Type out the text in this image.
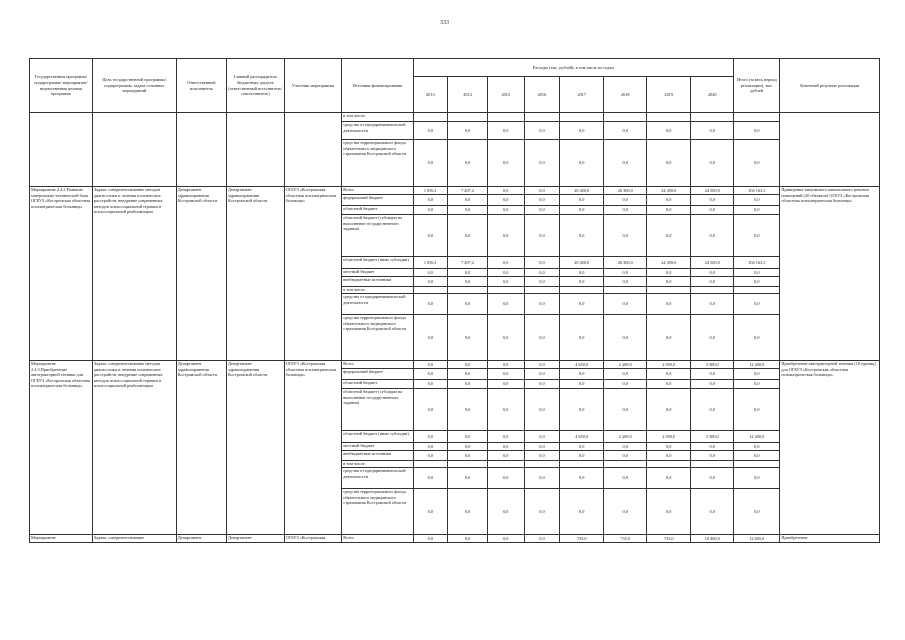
333
Государственная программа/подпрограмма/ мероприятие/ ведомственная целевая программа	Цель государственной программы/подпрограммы, задача основных мероприятий	Ответственный исполнитель	Главный распорядитель бюджетных средств (ответственный исполнитель/ соисполнитель)	Участник мероприятия	Источник финансирования	Расходы (тыс. рублей), в том числе по годам								Итого (за весь период реализации), тыс. рублей	Конечный результат реализации
						2013	2014	2015	2016	2017	2018	2019	2020		
					в том числе:										
					средства от предпринимательской деятельности	0,0	0,0	0,0	0,0	0,0	0,0	0,0	0,0	0,0	
					средства территориального фонда обязательного медицинского страхования Костромской области	0,0	0,0	0,0	0,0	0,0	0,0	0,0	0,0	0,0	
Мероприятие 2.4.2.Развитие материально-технической базы ОГБУЗ «Костромская областная психиатрическая больница»	Задача: совершенствование методов диагностики и лечения психических расстройств, внедрение современных методов психосоциальной терапии и психосоциальной реабилитации	Департамент здравоохранения Костромской области	Департамент здравоохранения Костромской области	ОГБУЗ «Костромская областная психиатрическая больница»	Всего	1 056,1	7 407,2	0,0	0,0	20 450,0	26 300,0	24 450,0	24 500,0	104 163,3	Приведение закупаемого капитального ремонта помещений (20 объектов) ОГБУЗ «Костромская областная психиатрическая больница»
					федеральный бюджет	0,0	0,0	0,0	0,0	0,0	0,0	0,0	0,0	0,0	
					областной бюджет	0,0	0,0	0,0	0,0	0,0	0,0	0,0	0,0	0,0	
					областной бюджет (субсидии на выполнение государственного задания)	0,0	0,0	0,0	0,0	0,0	0,0	0,0	0,0	0,0	
					областной бюджет (иные субсидии)	1 056,1	7 407,2	0,0	0,0	20 450,0	26 300,0	24 450,0	24 500,0	104 163,3	
					местный бюджет	0,0	0,0	0,0	0,0	0,0	0,0	0,0	0,0	0,0	
					внебюджетные источники	0,0	0,0	0,0	0,0	0,0	0,0	0,0	0,0	0,0	
					в том числе:										
					средства от предпринимательской деятельности	0,0	0,0	0,0	0,0	0,0	0,0	0,0	0,0	0,0	
					средства территориального фонда обязательного медицинского страхования Костромской области	0,0	0,0	0,0	0,0	0,0	0,0	0,0	0,0	0,0	
Мероприятие 2.4.3.Приобретение автотракторной техники для ОГБУЗ «Костромская областная психиатрическая больница»	Задача: совершенствование методов диагностики и лечения психических расстройств, внедрение современных методов психосоциальной терапии и психосоциальной реабилитации	Департамент здравоохранения Костромской области	Департамент здравоохранения Костромской области	ОГБУЗ «Костромская областная психиатрическая больница»	Всего	0,0	0,0	0,0	0,0	4 650,0	2 200,0	2 050,0	3 300,0	12 200,0	Приобретение автотракторной техники (10 единиц) для ОГБУЗ «Костромская областная психиатрическая больница»
					федеральный бюджет	0,0	0,0	0,0	0,0	0,0	0,0	0,0	0,0	0,0	
					областной бюджет	0,0	0,0	0,0	0,0	0,0	0,0	0,0	0,0	0,0	
					областной бюджет (субсидии на выполнение государственного задания)	0,0	0,0	0,0	0,0	0,0	0,0	0,0	0,0	0,0	
					областной бюджет (иные субсидии)	0,0	0,0	0,0	0,0	4 650,0	2 200,0	2 050,0	3 300,0	12 200,0	
					местный бюджет	0,0	0,0	0,0	0,0	0,0	0,0	0,0	0,0	0,0	
					внебюджетные источники	0,0	0,0	0,0	0,0	0,0	0,0	0,0	0,0	0,0	
					в том числе:										
					средства от предпринимательской деятельности	0,0	0,0	0,0	0,0	0,0	0,0	0,0	0,0	0,0	
					средства территориального фонда обязательного медицинского страхования Костромской области	0,0	0,0	0,0	0,0	0,0	0,0	0,0	0,0	0,0	
Мероприятие	Задача: совершенствование	Департамент	Департамент	ОГБУЗ «Костромская	Всего	0,0	0,0	0,0	0,0	735,0	735,0	735,0	10 400,0	12 605,0	Приобретение
